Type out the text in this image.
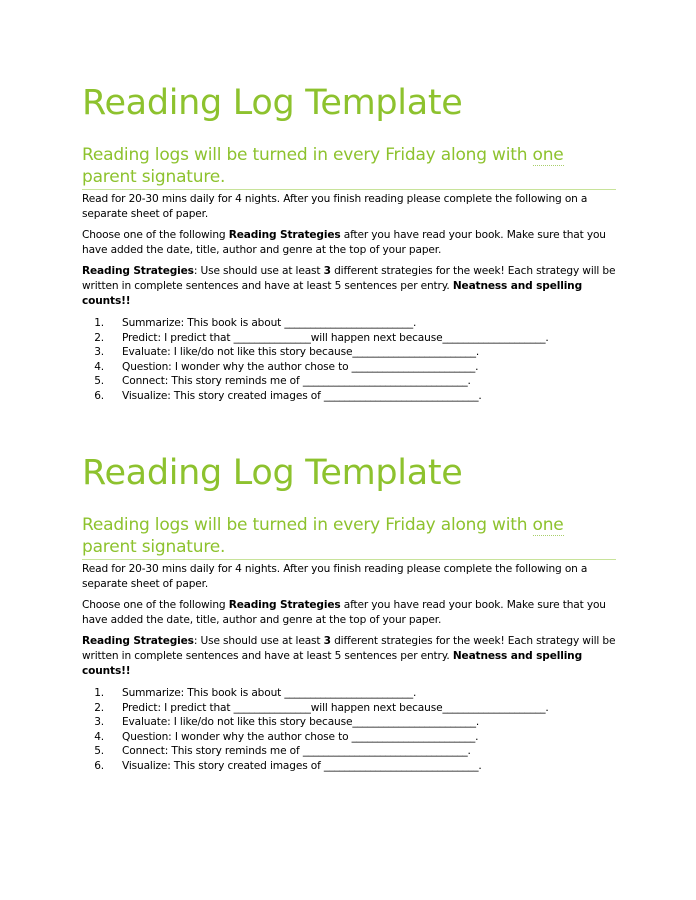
Reading Log Template
Reading logs will be turned in every Friday along with one
parent signature.

Read for 20-30 mins daily for 4 nights. After you finish reading please complete the following on a separate sheet of paper.

Choose one of the following Reading Strategies after you have read your book. Make sure that you have added the date, title, author and genre at the top of your paper.

Reading Strategies: Use should use at least 3 different strategies for the week! Each strategy will be written in complete sentences and have at least 5 sentences per entry. Neatness and spelling counts!!

1.	Summarize: This book is about _________________________.
2.	Predict: I predict that _______________will happen next because____________________.
3.	Evaluate: I like/do not like this story because________________________.
4.	Question: I wonder why the author chose to ________________________.
5.	Connect: This story reminds me of ________________________________.
6.	Visualize: This story created images of ______________________________.
Reading Log Template
Reading logs will be turned in every Friday along with one
parent signature.

Read for 20-30 mins daily for 4 nights. After you finish reading please complete the following on a separate sheet of paper.

Choose one of the following Reading Strategies after you have read your book. Make sure that you have added the date, title, author and genre at the top of your paper.

Reading Strategies: Use should use at least 3 different strategies for the week! Each strategy will be written in complete sentences and have at least 5 sentences per entry. Neatness and spelling counts!!

1.	Summarize: This book is about _________________________.
2.	Predict: I predict that _______________will happen next because____________________.
3.	Evaluate: I like/do not like this story because________________________.
4.	Question: I wonder why the author chose to ________________________.
5.	Connect: This story reminds me of ________________________________.
6.	Visualize: This story created images of ______________________________.
